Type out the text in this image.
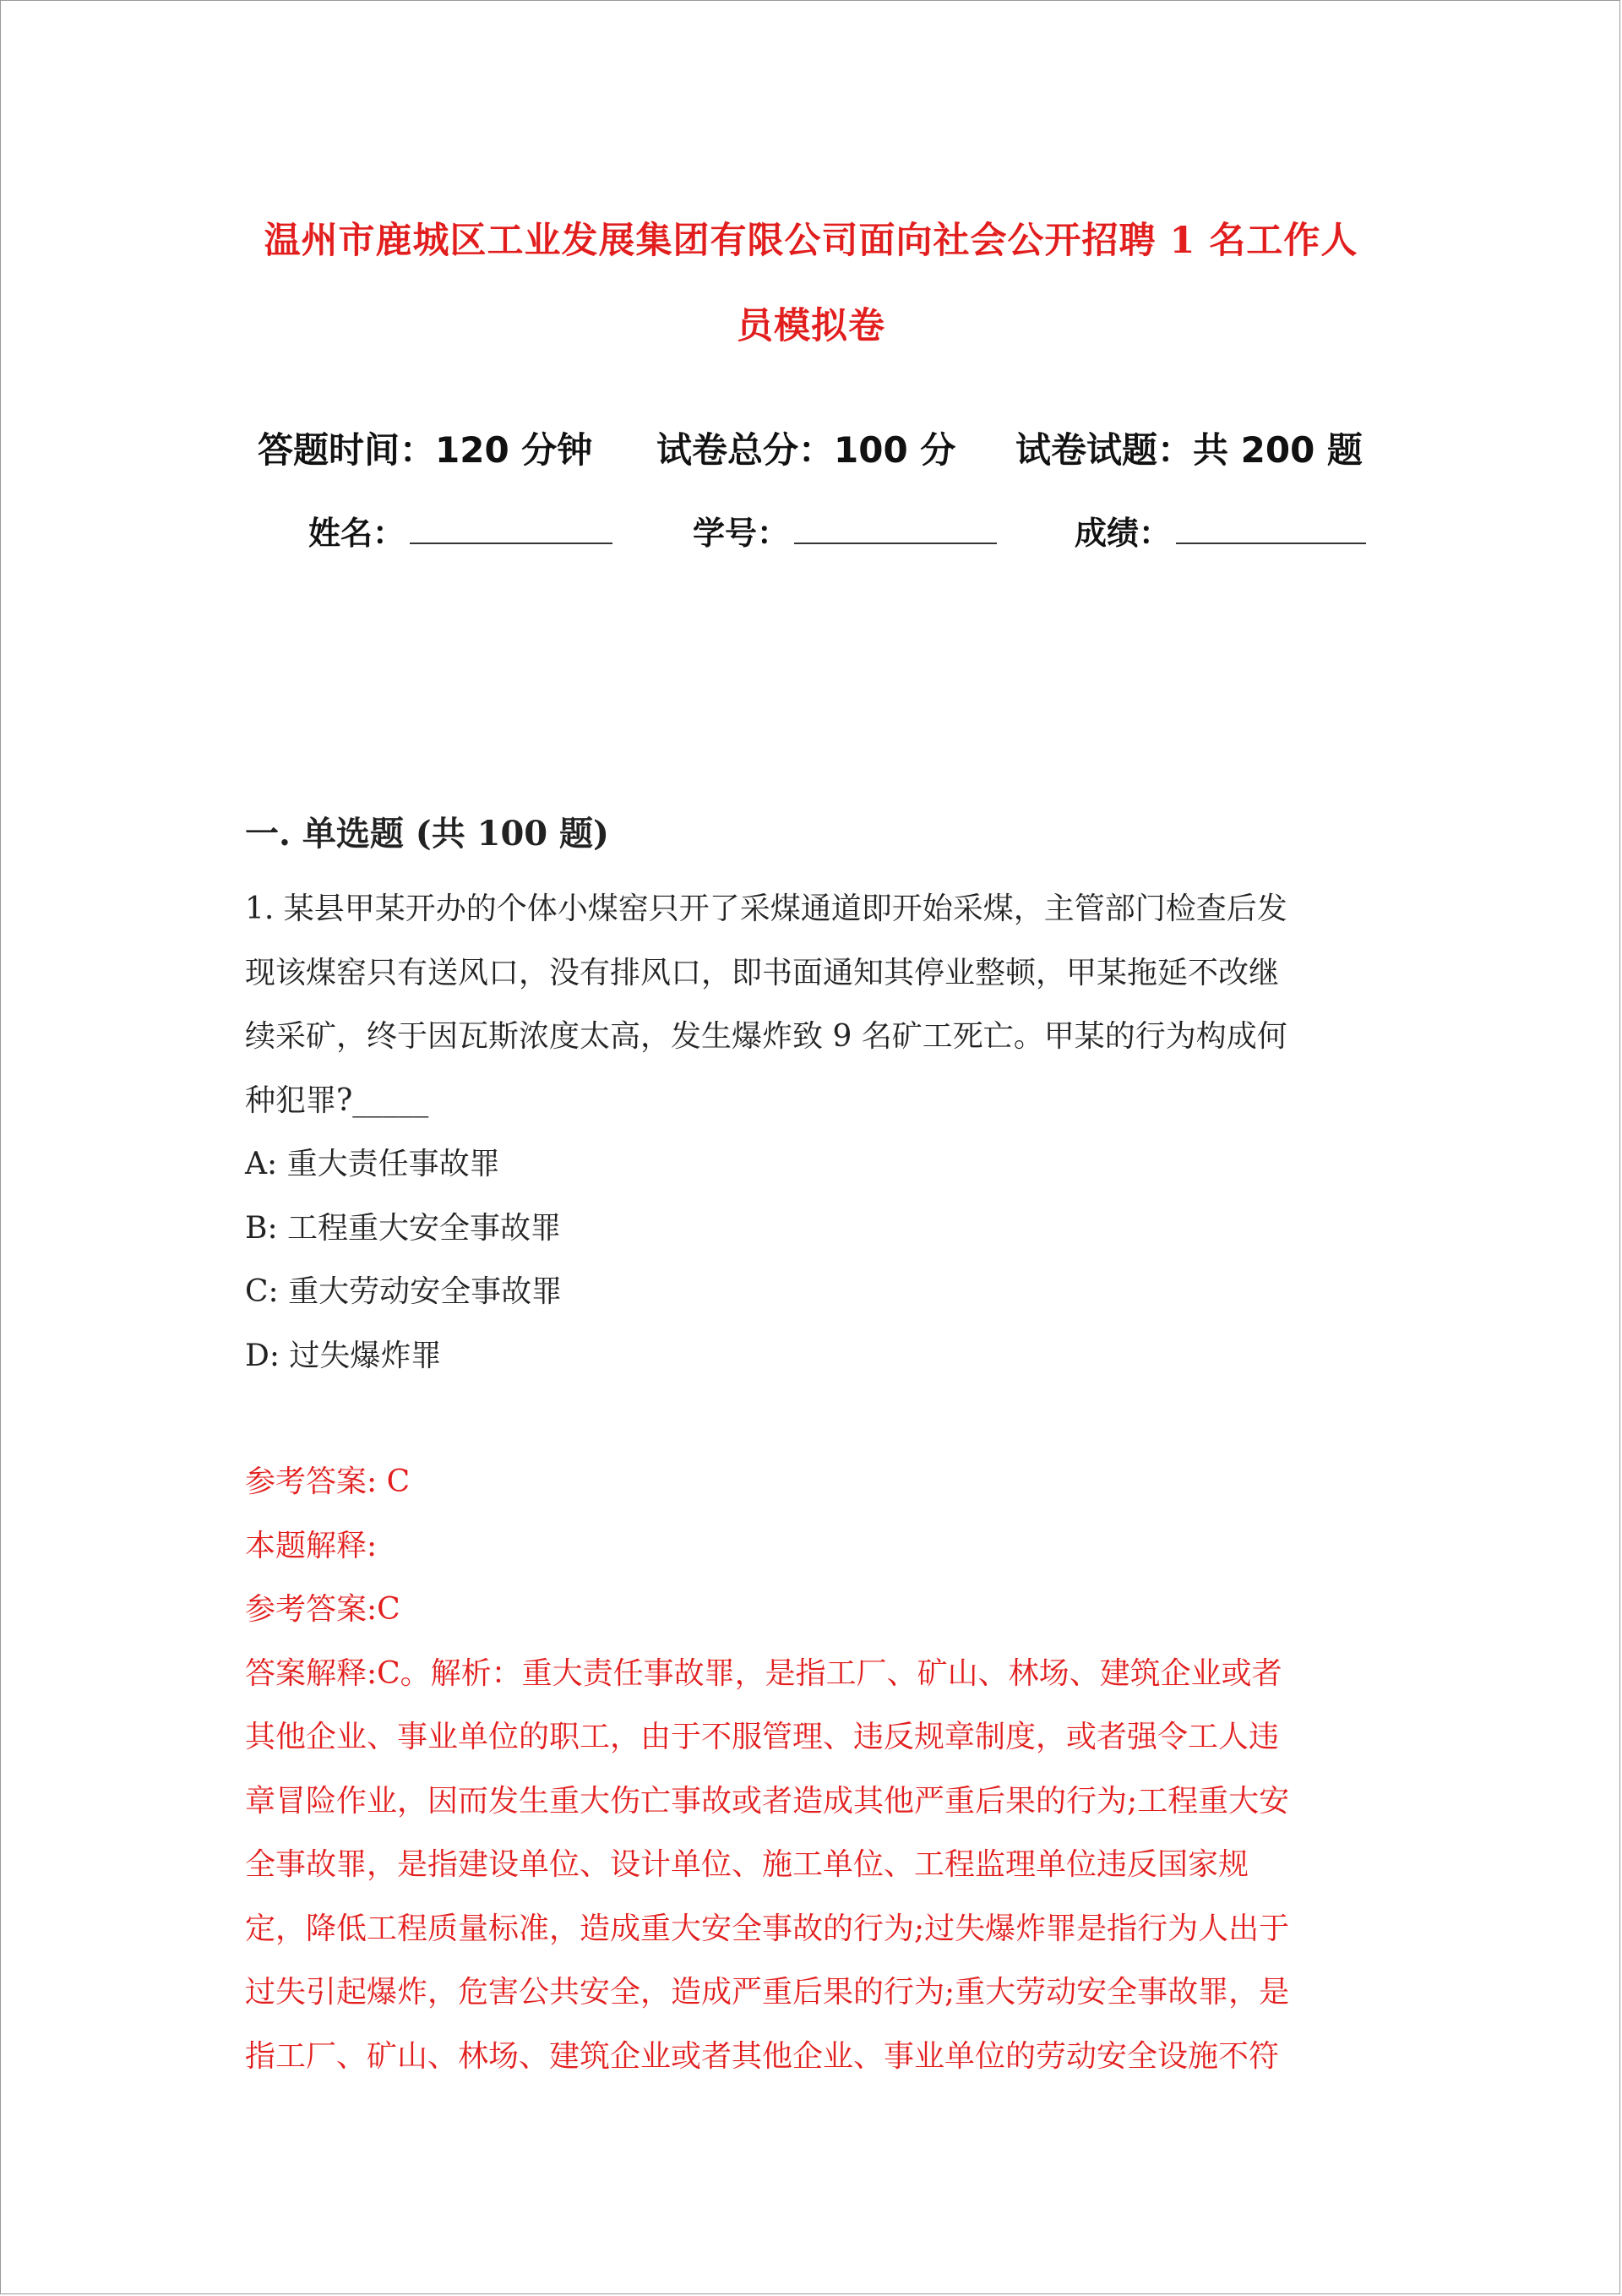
温州市鹿城区工业发展集团有限公司面向社会公开招聘 1 名工作人
员模拟卷
答题时间：120 分钟 试卷总分：100 分 试卷试题：共 200 题
姓名：	学号：	成绩：
一. 单选题 (共 100 题)
1. 某县甲某开办的个体小煤窑只开了采煤通道即开始采煤，主管部门检查后发
现该煤窑只有送风口，没有排风口，即书面通知其停业整顿，甲某拖延不改继
续采矿，终于因瓦斯浓度太高，发生爆炸致 9 名矿工死亡。甲某的行为构成何
种犯罪?_____
A: 重大责任事故罪
B: 工程重大安全事故罪
C: 重大劳动安全事故罪
D: 过失爆炸罪
参考答案: C
本题解释:
参考答案:C
答案解释:C。解析：重大责任事故罪，是指工厂、矿山、林场、建筑企业或者
其他企业、事业单位的职工，由于不服管理、违反规章制度，或者强令工人违
章冒险作业，因而发生重大伤亡事故或者造成其他严重后果的行为;工程重大安
全事故罪，是指建设单位、设计单位、施工单位、工程监理单位违反国家规
定，降低工程质量标准，造成重大安全事故的行为;过失爆炸罪是指行为人出于
过失引起爆炸，危害公共安全，造成严重后果的行为;重大劳动安全事故罪，是
指工厂、矿山、林场、建筑企业或者其他企业、事业单位的劳动安全设施不符
